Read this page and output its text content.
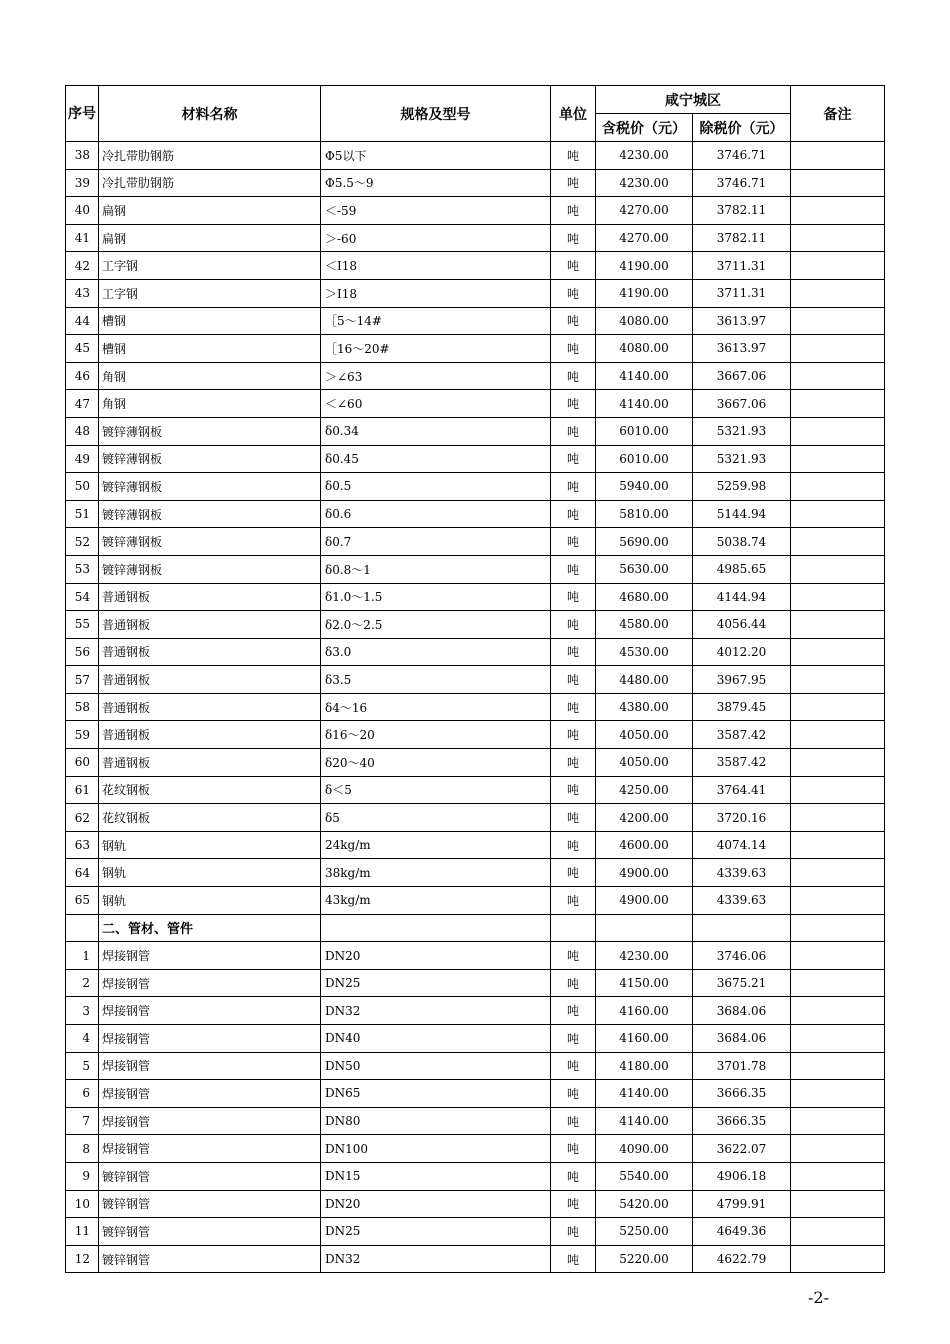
序号	材料名称	规格及型号	单位	咸宁城区		备注
				含税价（元）	除税价（元）	
38	冷扎带肋钢筋	Φ5以下	吨	4230.00	3746.71	
39	冷扎带肋钢筋	Φ5.5～9	吨	4230.00	3746.71	
40	扁钢	＜-59	吨	4270.00	3782.11	
41	扁钢	＞-60	吨	4270.00	3782.11	
42	工字钢	＜Ⅰ18	吨	4190.00	3711.31	
43	工字钢	＞Ⅰ18	吨	4190.00	3711.31	
44	槽钢	［5～14#	吨	4080.00	3613.97	
45	槽钢	［16～20#	吨	4080.00	3613.97	
46	角钢	＞∠63	吨	4140.00	3667.06	
47	角钢	＜∠60	吨	4140.00	3667.06	
48	镀锌薄钢板	δ0.34	吨	6010.00	5321.93	
49	镀锌薄钢板	δ0.45	吨	6010.00	5321.93	
50	镀锌薄钢板	δ0.5	吨	5940.00	5259.98	
51	镀锌薄钢板	δ0.6	吨	5810.00	5144.94	
52	镀锌薄钢板	δ0.7	吨	5690.00	5038.74	
53	镀锌薄钢板	δ0.8～1	吨	5630.00	4985.65	
54	普通钢板	δ1.0～1.5	吨	4680.00	4144.94	
55	普通钢板	δ2.0～2.5	吨	4580.00	4056.44	
56	普通钢板	δ3.0	吨	4530.00	4012.20	
57	普通钢板	δ3.5	吨	4480.00	3967.95	
58	普通钢板	δ4～16	吨	4380.00	3879.45	
59	普通钢板	δ16～20	吨	4050.00	3587.42	
60	普通钢板	δ20～40	吨	4050.00	3587.42	
61	花纹钢板	δ＜5	吨	4250.00	3764.41	
62	花纹钢板	δ5	吨	4200.00	3720.16	
63	钢轨	24kg/m	吨	4600.00	4074.14	
64	钢轨	38kg/m	吨	4900.00	4339.63	
65	钢轨	43kg/m	吨	4900.00	4339.63	
	二、管材、管件					
1	焊接钢管	DN20	吨	4230.00	3746.06	
2	焊接钢管	DN25	吨	4150.00	3675.21	
3	焊接钢管	DN32	吨	4160.00	3684.06	
4	焊接钢管	DN40	吨	4160.00	3684.06	
5	焊接钢管	DN50	吨	4180.00	3701.78	
6	焊接钢管	DN65	吨	4140.00	3666.35	
7	焊接钢管	DN80	吨	4140.00	3666.35	
8	焊接钢管	DN100	吨	4090.00	3622.07	
9	镀锌钢管	DN15	吨	5540.00	4906.18	
10	镀锌钢管	DN20	吨	5420.00	4799.91	
11	镀锌钢管	DN25	吨	5250.00	4649.36	
12	镀锌钢管	DN32	吨	5220.00	4622.79	
-2-
